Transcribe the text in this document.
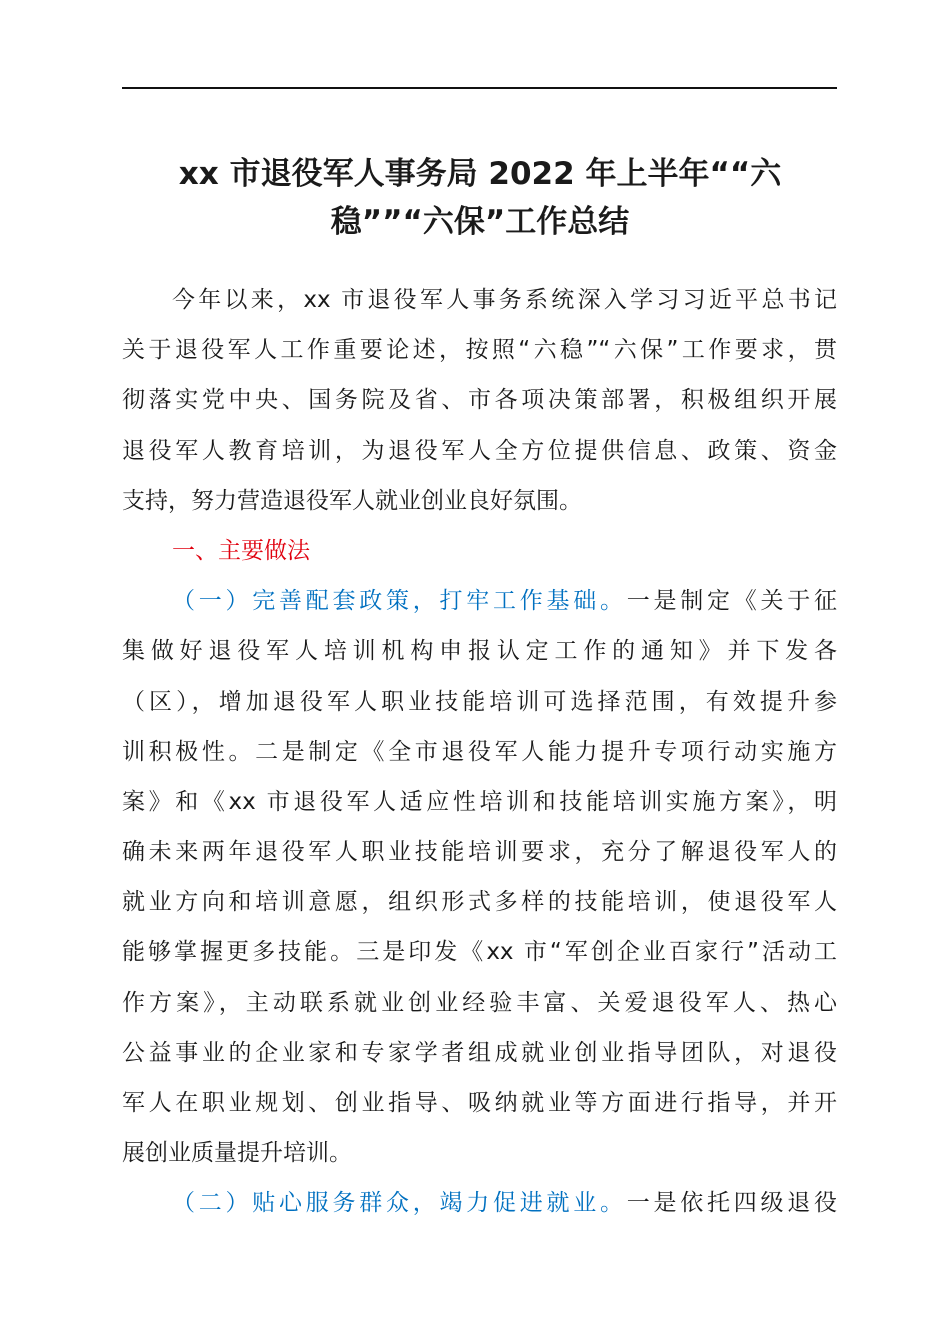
xx 市退役军人事务局 2022 年上半年““六
稳””“六保”工作总结
今年以来，xx 市退役军人事务系统深入学习习近平总书记
关于退役军人工作重要论述，按照“六稳”“六保”工作要求，贯
彻落实党中央、国务院及省、市各项决策部署，积极组织开展
退役军人教育培训，为退役军人全方位提供信息、政策、资金
支持，努力营造退役军人就业创业良好氛围。
一、主要做法
（一）完善配套政策，打牢工作基础。一是制定《关于征
集做好退役军人培训机构申报认定工作的通知》并下发各
（区），增加退役军人职业技能培训可选择范围，有效提升参
训积极性。二是制定《全市退役军人能力提升专项行动实施方
案》和《xx 市退役军人适应性培训和技能培训实施方案》，明
确未来两年退役军人职业技能培训要求，充分了解退役军人的
就业方向和培训意愿，组织形式多样的技能培训，使退役军人
能够掌握更多技能。三是印发《xx 市“军创企业百家行”活动工
作方案》，主动联系就业创业经验丰富、关爱退役军人、热心
公益事业的企业家和专家学者组成就业创业指导团队，对退役
军人在职业规划、创业指导、吸纳就业等方面进行指导，并开
展创业质量提升培训。
（二）贴心服务群众，竭力促进就业。一是依托四级退役
